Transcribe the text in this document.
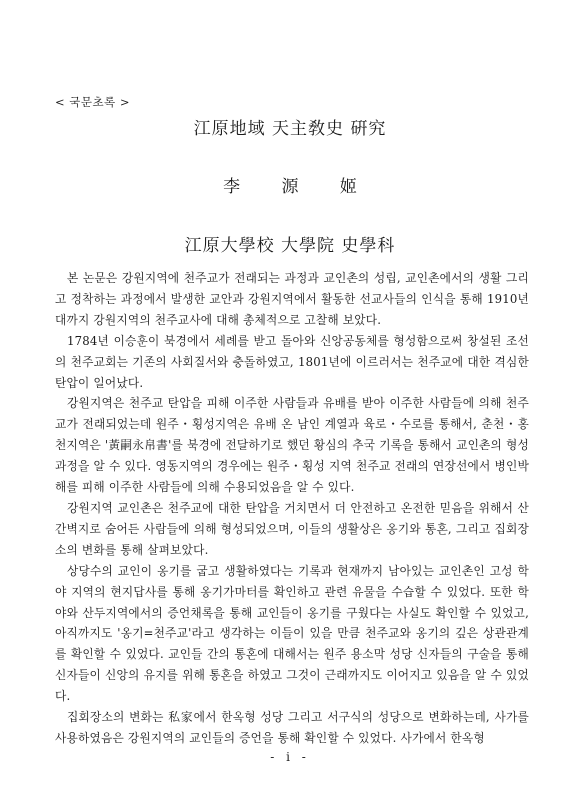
< 국문초록 >
江原地域 天主敎史 硏究
李 源 姬
江原大學校 大學院 史學科

본 논문은 강원지역에 천주교가 전래되는 과정과 교인촌의 성립, 교인촌에서의 생활 그리고 정착하는 과정에서 발생한 교안과 강원지역에서 활동한 선교사들의 인식을 통해 1910년대까지 강원지역의 천주교사에 대해 총체적으로 고찰해 보았다.

1784년 이승훈이 북경에서 세례를 받고 돌아와 신앙공동체를 형성함으로써 창설된 조선의 천주교회는 기존의 사회질서와 충돌하였고, 1801년에 이르러서는 천주교에 대한 격심한 탄압이 일어났다.

강원지역은 천주교 탄압을 피해 이주한 사람들과 유배를 받아 이주한 사람들에 의해 천주교가 전래되었는데 원주・횡성지역은 유배 온 남인 계열과 육로・수로를 통해서, 춘천・홍천지역은 '黃嗣永帛書'를 북경에 전달하기로 했던 황심의 추국 기록을 통해서 교인촌의 형성과정을 알 수 있다. 영동지역의 경우에는 원주・횡성 지역 천주교 전래의 연장선에서 병인박해를 피해 이주한 사람들에 의해 수용되었음을 알 수 있다.

강원지역 교인촌은 천주교에 대한 탄압을 거치면서 더 안전하고 온전한 믿음을 위해서 산간벽지로 숨어든 사람들에 의해 형성되었으며, 이들의 생활상은 옹기와 통혼, 그리고 집회장소의 변화를 통해 살펴보았다.

상당수의 교인이 옹기를 굽고 생활하였다는 기록과 현재까지 남아있는 교인촌인 고성 학야 지역의 현지답사를 통해 옹기가마터를 확인하고 관련 유물을 수습할 수 있었다. 또한 학야와 산두지역에서의 증언채록을 통해 교인들이 옹기를 구웠다는 사실도 확인할 수 있었고, 아직까지도 '옹기=천주교'라고 생각하는 이들이 있을 만큼 천주교와 옹기의 깊은 상관관계를 확인할 수 있었다. 교인들 간의 통혼에 대해서는 원주 용소막 성당 신자들의 구술을 통해 신자들이 신앙의 유지를 위해 통혼을 하였고 그것이 근래까지도 이어지고 있음을 알 수 있었다.

집회장소의 변화는 私家에서 한옥형 성당 그리고 서구식의 성당으로 변화하는데, 사가를 사용하였음은 강원지역의 교인들의 증언을 통해 확인할 수 있었다. 사가에서 한옥형

- i -
